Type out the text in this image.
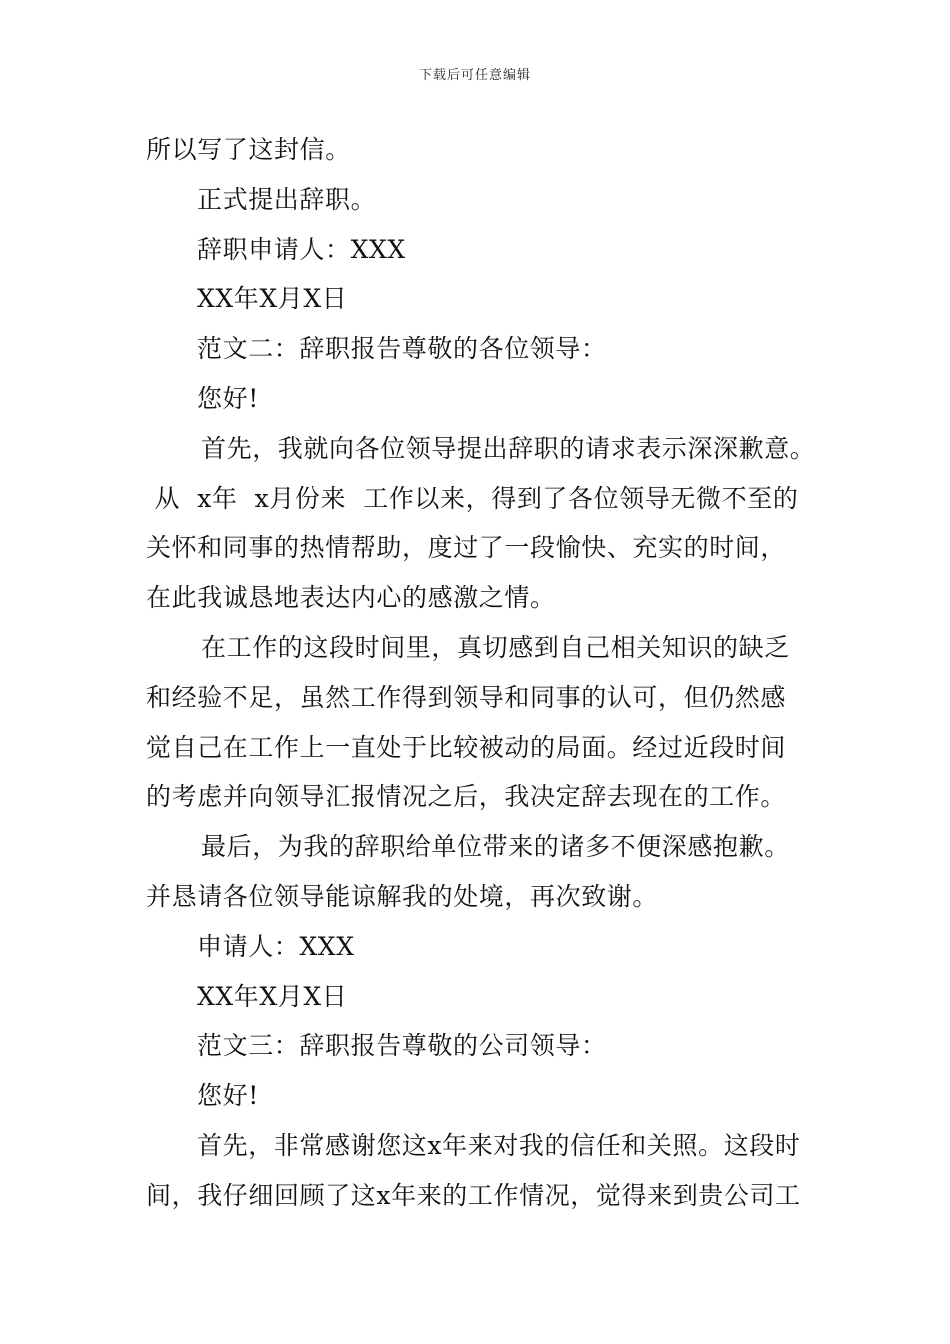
下载后可任意编辑
所以写了这封信。
正式提出辞职。
辞职申请人：XXX
XX年X月X日
范文二：辞职报告尊敬的各位领导：
您好!
首先，我就向各位领导提出辞职的请求表示深深歉意。
从  x年  x月份来  工作以来，得到了各位领导无微不至的
关怀和同事的热情帮助，度过了一段愉快、充实的时间，
在此我诚恳地表达内心的感激之情。
在工作的这段时间里，真切感到自己相关知识的缺乏
和经验不足，虽然工作得到领导和同事的认可，但仍然感
觉自己在工作上一直处于比较被动的局面。经过近段时间
的考虑并向领导汇报情况之后，我决定辞去现在的工作。
最后，为我的辞职给单位带来的诸多不便深感抱歉。
并恳请各位领导能谅解我的处境，再次致谢。
申请人：XXX
XX年X月X日
范文三：辞职报告尊敬的公司领导：
您好!
首先，非常感谢您这x年来对我的信任和关照。这段时
间，我仔细回顾了这x年来的工作情况，觉得来到贵公司工
